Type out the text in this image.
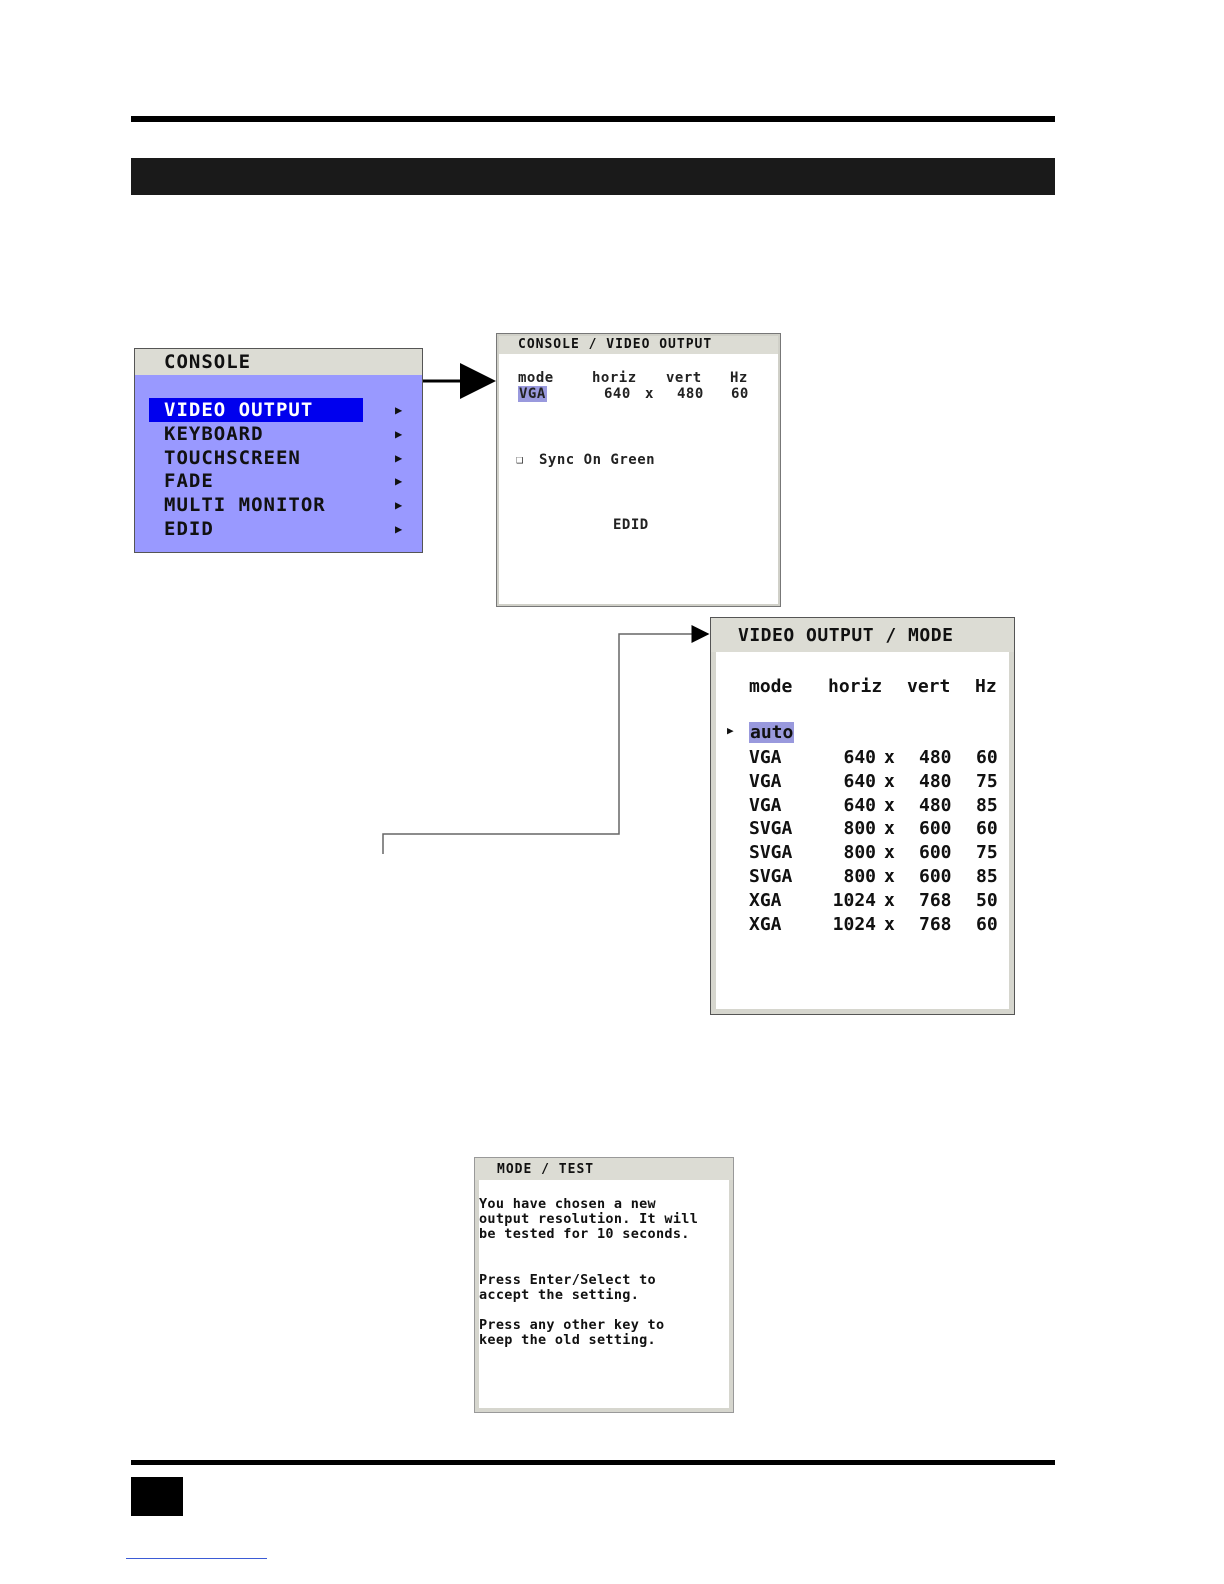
CONSOLE
VIDEO OUTPUT	▶
KEYBOARD	▶
TOUCHSCREEN	▶
FADE	▶
MULTI MONITOR	▶
EDID	▶
CONSOLE / VIDEO OUTPUT
mode	horiz vert Hz
VGA	640 x 480 60
❑ Sync On Green
EDID
VIDEO OUTPUT / MODE
mode horiz vert Hz
▶ auto
VGA	640 x 480 60
VGA	640 x 480 75
VGA	640 x 480 85
SVGA	800 x 600 60
SVGA	800 x 600 75
SVGA	800 x 600 85
XGA	1024 x 768 50
XGA	1024 x 768 60
MODE / TEST
You have chosen a new
output resolution. It will
be tested for 10 seconds.
Press Enter/Select to
accept the setting.
Press any other key to
keep the old setting.
